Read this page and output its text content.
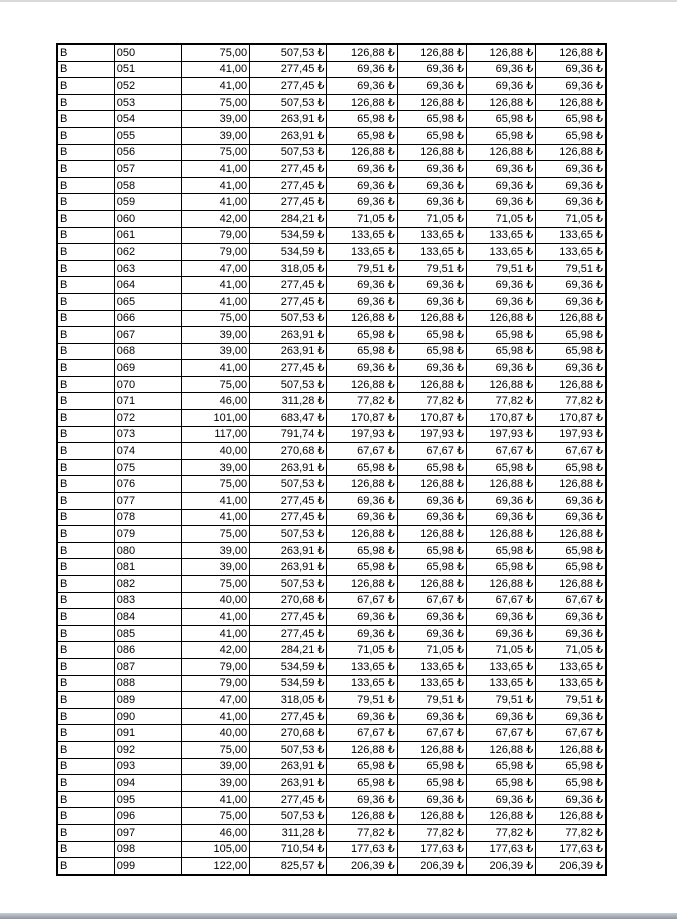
B	050	75,00	507,53 ₺	126,88 ₺	126,88 ₺	126,88 ₺	126,88 ₺
B	051	41,00	277,45 ₺	69,36 ₺	69,36 ₺	69,36 ₺	69,36 ₺
B	052	41,00	277,45 ₺	69,36 ₺	69,36 ₺	69,36 ₺	69,36 ₺
B	053	75,00	507,53 ₺	126,88 ₺	126,88 ₺	126,88 ₺	126,88 ₺
B	054	39,00	263,91 ₺	65,98 ₺	65,98 ₺	65,98 ₺	65,98 ₺
B	055	39,00	263,91 ₺	65,98 ₺	65,98 ₺	65,98 ₺	65,98 ₺
B	056	75,00	507,53 ₺	126,88 ₺	126,88 ₺	126,88 ₺	126,88 ₺
B	057	41,00	277,45 ₺	69,36 ₺	69,36 ₺	69,36 ₺	69,36 ₺
B	058	41,00	277,45 ₺	69,36 ₺	69,36 ₺	69,36 ₺	69,36 ₺
B	059	41,00	277,45 ₺	69,36 ₺	69,36 ₺	69,36 ₺	69,36 ₺
B	060	42,00	284,21 ₺	71,05 ₺	71,05 ₺	71,05 ₺	71,05 ₺
B	061	79,00	534,59 ₺	133,65 ₺	133,65 ₺	133,65 ₺	133,65 ₺
B	062	79,00	534,59 ₺	133,65 ₺	133,65 ₺	133,65 ₺	133,65 ₺
B	063	47,00	318,05 ₺	79,51 ₺	79,51 ₺	79,51 ₺	79,51 ₺
B	064	41,00	277,45 ₺	69,36 ₺	69,36 ₺	69,36 ₺	69,36 ₺
B	065	41,00	277,45 ₺	69,36 ₺	69,36 ₺	69,36 ₺	69,36 ₺
B	066	75,00	507,53 ₺	126,88 ₺	126,88 ₺	126,88 ₺	126,88 ₺
B	067	39,00	263,91 ₺	65,98 ₺	65,98 ₺	65,98 ₺	65,98 ₺
B	068	39,00	263,91 ₺	65,98 ₺	65,98 ₺	65,98 ₺	65,98 ₺
B	069	41,00	277,45 ₺	69,36 ₺	69,36 ₺	69,36 ₺	69,36 ₺
B	070	75,00	507,53 ₺	126,88 ₺	126,88 ₺	126,88 ₺	126,88 ₺
B	071	46,00	311,28 ₺	77,82 ₺	77,82 ₺	77,82 ₺	77,82 ₺
B	072	101,00	683,47 ₺	170,87 ₺	170,87 ₺	170,87 ₺	170,87 ₺
B	073	117,00	791,74 ₺	197,93 ₺	197,93 ₺	197,93 ₺	197,93 ₺
B	074	40,00	270,68 ₺	67,67 ₺	67,67 ₺	67,67 ₺	67,67 ₺
B	075	39,00	263,91 ₺	65,98 ₺	65,98 ₺	65,98 ₺	65,98 ₺
B	076	75,00	507,53 ₺	126,88 ₺	126,88 ₺	126,88 ₺	126,88 ₺
B	077	41,00	277,45 ₺	69,36 ₺	69,36 ₺	69,36 ₺	69,36 ₺
B	078	41,00	277,45 ₺	69,36 ₺	69,36 ₺	69,36 ₺	69,36 ₺
B	079	75,00	507,53 ₺	126,88 ₺	126,88 ₺	126,88 ₺	126,88 ₺
B	080	39,00	263,91 ₺	65,98 ₺	65,98 ₺	65,98 ₺	65,98 ₺
B	081	39,00	263,91 ₺	65,98 ₺	65,98 ₺	65,98 ₺	65,98 ₺
B	082	75,00	507,53 ₺	126,88 ₺	126,88 ₺	126,88 ₺	126,88 ₺
B	083	40,00	270,68 ₺	67,67 ₺	67,67 ₺	67,67 ₺	67,67 ₺
B	084	41,00	277,45 ₺	69,36 ₺	69,36 ₺	69,36 ₺	69,36 ₺
B	085	41,00	277,45 ₺	69,36 ₺	69,36 ₺	69,36 ₺	69,36 ₺
B	086	42,00	284,21 ₺	71,05 ₺	71,05 ₺	71,05 ₺	71,05 ₺
B	087	79,00	534,59 ₺	133,65 ₺	133,65 ₺	133,65 ₺	133,65 ₺
B	088	79,00	534,59 ₺	133,65 ₺	133,65 ₺	133,65 ₺	133,65 ₺
B	089	47,00	318,05 ₺	79,51 ₺	79,51 ₺	79,51 ₺	79,51 ₺
B	090	41,00	277,45 ₺	69,36 ₺	69,36 ₺	69,36 ₺	69,36 ₺
B	091	40,00	270,68 ₺	67,67 ₺	67,67 ₺	67,67 ₺	67,67 ₺
B	092	75,00	507,53 ₺	126,88 ₺	126,88 ₺	126,88 ₺	126,88 ₺
B	093	39,00	263,91 ₺	65,98 ₺	65,98 ₺	65,98 ₺	65,98 ₺
B	094	39,00	263,91 ₺	65,98 ₺	65,98 ₺	65,98 ₺	65,98 ₺
B	095	41,00	277,45 ₺	69,36 ₺	69,36 ₺	69,36 ₺	69,36 ₺
B	096	75,00	507,53 ₺	126,88 ₺	126,88 ₺	126,88 ₺	126,88 ₺
B	097	46,00	311,28 ₺	77,82 ₺	77,82 ₺	77,82 ₺	77,82 ₺
B	098	105,00	710,54 ₺	177,63 ₺	177,63 ₺	177,63 ₺	177,63 ₺
B	099	122,00	825,57 ₺	206,39 ₺	206,39 ₺	206,39 ₺	206,39 ₺
